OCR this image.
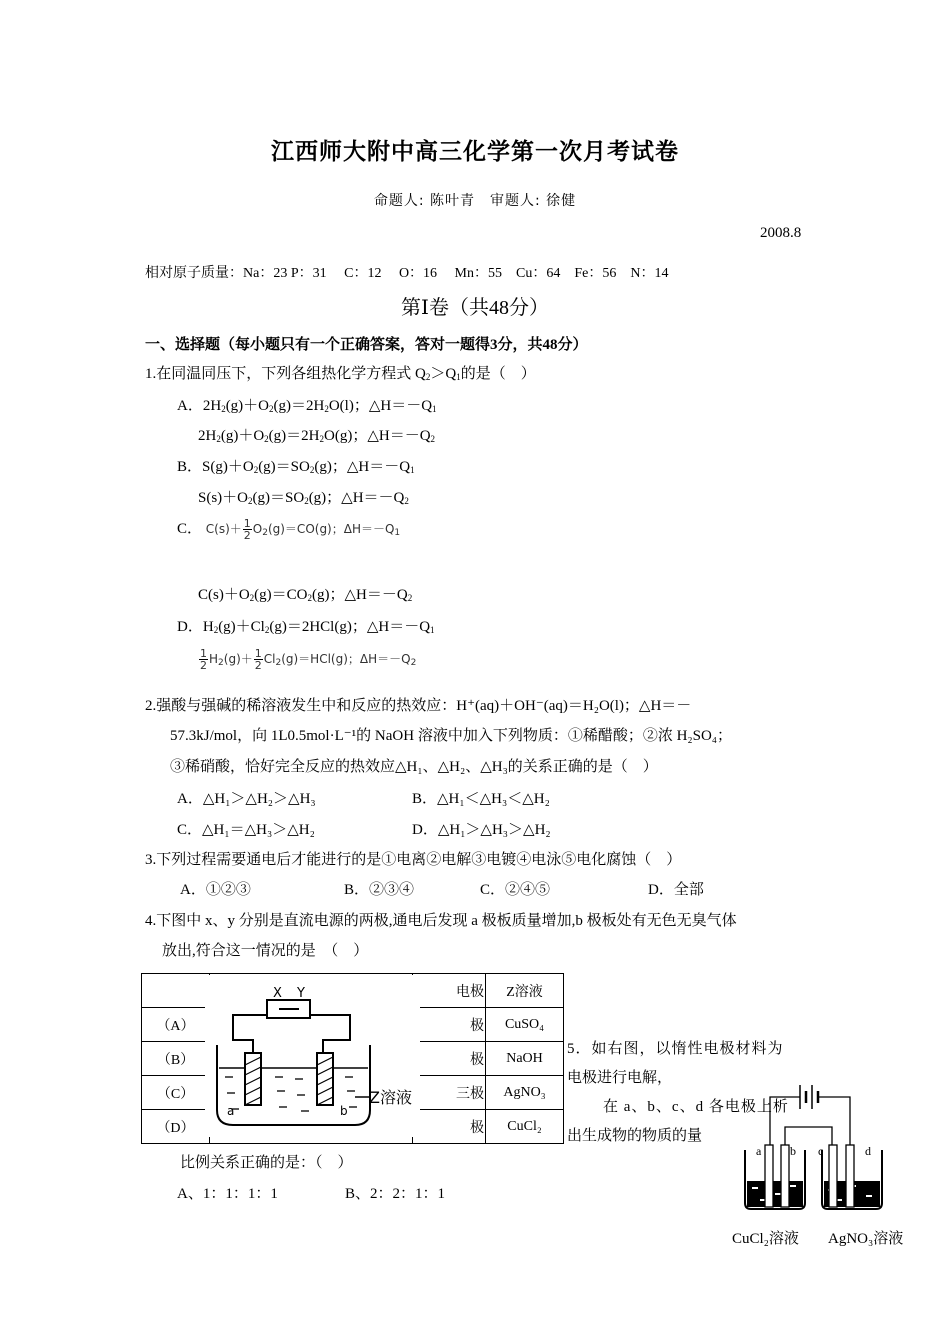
江西师大附中高三化学第一次月考试卷
命题人: 陈叶青　审题人: 徐健
2008.8
相对原子质量：Na：23 P：31　 C：12　 O：16　 Mn：55　Cu：64　Fe：56　N：14
第Ⅰ卷（共48分）
一、选择题（每小题只有一个正确答案，答对一题得3分，共48分）
1.在同温同压下，下列各组热化学方程式 $Q_2>Q_1$的是（　）
A．$2H_2(g)+O_2(g)=2H_2O(l)$；$\triangle H=-Q_1$
$2H_2(g)+O_2(g)=2H_2O(g)$；$\triangle H=-Q_2$
B．$S(g)+O_2(g)=SO_2(g)$；$\triangle H=-Q_1$
$S(s)+O_2(g)=SO_2(g)$；$\triangle H=-Q_2$
C． $C(s)+ \frac{1}{2} O_2(g)=CO(g)$；$\Delta H=-Q_1$
$C(s)+O_2(g)=CO_2(g)$；$\triangle H=-Q_2$
D．$H_2(g)+Cl_2(g)=2HCl(g)$；$\triangle H=-Q_1$
$\frac{1}{2} H_2(g)+ \frac{1}{2} Cl_2(g)=HCl(g)$；$\Delta H=-Q_2$
2.强酸与强碱的稀溶液发生中和反应的热效应：H⁺(aq)＋OH⁻(aq)＝H₂O(l)；△H＝－
57.3kJ/mol，向 1L0.5mol·L⁻¹的 NaOH 溶液中加入下列物质：①稀醋酸；②浓 H₂SO₄；
③稀硝酸，恰好完全反应的热效应△H₁、△H₂、△H₃的关系正确的是（　）
A．△H₁＞△H₂＞△H₃	B．△H₁＜△H₃＜△H₂
C．△H₁＝△H₃＞△H₂	D．△H₁＞△H₃＞△H₂
3.下列过程需要通电后才能进行的是①电离②电解③电镀④电泳⑤电化腐蚀（　）
A．①②③	B．②③④	C．②④⑤	D．全部
4.下图中 x、y 分别是直流电源的两极,通电后发现 a 极板质量增加,b 极板处有无色无臭气体
放出,符合这一情况的是　（　）
		电极	Z溶液
（A）		极	CuSO₄
（B）		极	NaOH
（C）		三极	AgNO₃
（D）		极	CuCl₂
X Y
a	b
Z溶液
5．如右图，以惰性电极材料为
电极进行电解，
在 a、b、c、d 各电极上析
出生成物的物质的量
比例关系正确的是：（　）
A、1：1：1：1	B、2：2：1：1
a b c	d
CuCl₂溶液 AgNO₃溶液
